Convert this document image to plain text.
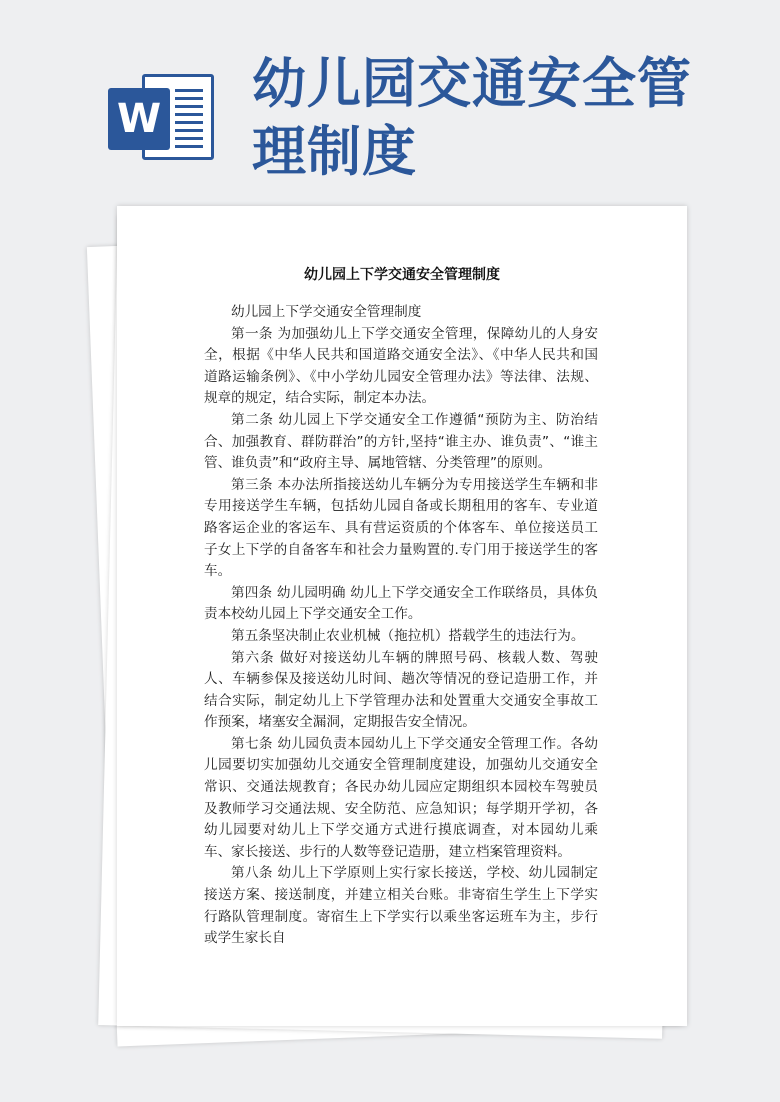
W
幼儿园交通安全管理制度
幼儿园上下学交通安全管理制度

幼儿园上下学交通安全管理制度

第一条 为加强幼儿上下学交通安全管理，保障幼儿的人身安全，根据《中华人民共和国道路交通安全法》、《中华人民共和国道路运输条例》、《中小学幼儿园安全管理办法》等法律、法规、规章的规定，结合实际，制定本办法。

第二条 幼儿园上下学交通安全工作遵循“预防为主、防治结合、加强教育、群防群治”的方针,坚持“谁主办、谁负责”、“谁主管、谁负责”和“政府主导、属地管辖、分类管理”的原则。

第三条 本办法所指接送幼儿车辆分为专用接送学生车辆和非专用接送学生车辆，包括幼儿园自备或长期租用的客车、专业道路客运企业的客运车、具有营运资质的个体客车、单位接送员工子女上下学的自备客车和社会力量购置的.专门用于接送学生的客车。

第四条 幼儿园明确 幼儿上下学交通安全工作联络员，具体负责本校幼儿园上下学交通安全工作。

第五条坚决制止农业机械（拖拉机）搭载学生的违法行为。

第六条 做好对接送幼儿车辆的牌照号码、核载人数、驾驶人、车辆参保及接送幼儿时间、趟次等情况的登记造册工作，并结合实际，制定幼儿上下学管理办法和处置重大交通安全事故工作预案，堵塞安全漏洞，定期报告安全情况。

第七条 幼儿园负责本园幼儿上下学交通安全管理工作。各幼儿园要切实加强幼儿交通安全管理制度建设，加强幼儿交通安全常识、交通法规教育；各民办幼儿园应定期组织本园校车驾驶员及教师学习交通法规、安全防范、应急知识；每学期开学初，各幼儿园要对幼儿上下学交通方式进行摸底调查，对本园幼儿乘车、家长接送、步行的人数等登记造册，建立档案管理资料。

第八条 幼儿上下学原则上实行家长接送，学校、幼儿园制定接送方案、接送制度，并建立相关台账。非寄宿生学生上下学实行路队管理制度。寄宿生上下学实行以乘坐客运班车为主，步行或学生家长自
